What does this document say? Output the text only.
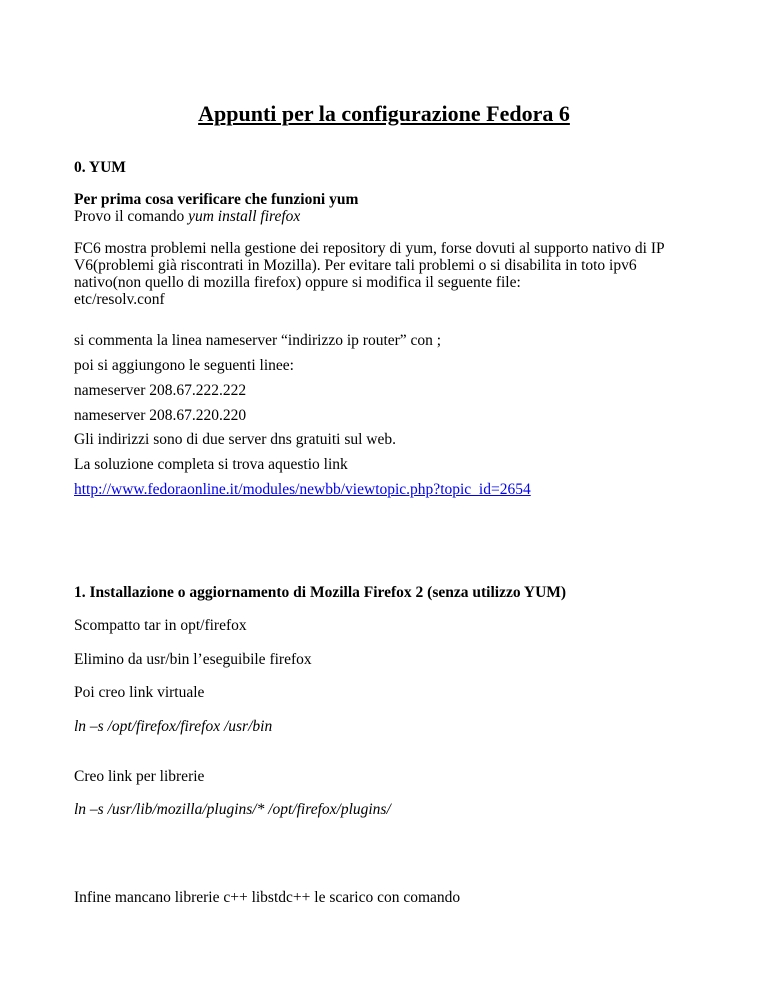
Appunti per la configurazione Fedora 6
0. YUM
Per prima cosa verificare che funzioni yum
Provo il comando yum install firefox
FC6 mostra problemi nella gestione dei repository di yum, forse dovuti al supporto nativo di IP
V6(problemi già riscontrati in Mozilla). Per evitare tali problemi o si disabilita in toto ipv6
nativo(non quello di mozilla firefox) oppure si modifica il seguente file:
etc/resolv.conf
si commenta la linea nameserver “indirizzo ip router” con ;
poi si aggiungono le seguenti linee:
nameserver 208.67.222.222
nameserver 208.67.220.220
Gli indirizzi sono di due server dns gratuiti sul web.
La soluzione completa si trova aquestio link
http://www.fedoraonline.it/modules/newbb/viewtopic.php?topic_id=2654
1. Installazione o aggiornamento di Mozilla Firefox 2 (senza utilizzo YUM)
Scompatto tar in opt/firefox
Elimino da usr/bin l’eseguibile firefox
Poi creo link virtuale
ln –s /opt/firefox/firefox /usr/bin
Creo link per librerie
ln –s /usr/lib/mozilla/plugins/* /opt/firefox/plugins/
Infine mancano librerie c++ libstdc++ le scarico con comando
